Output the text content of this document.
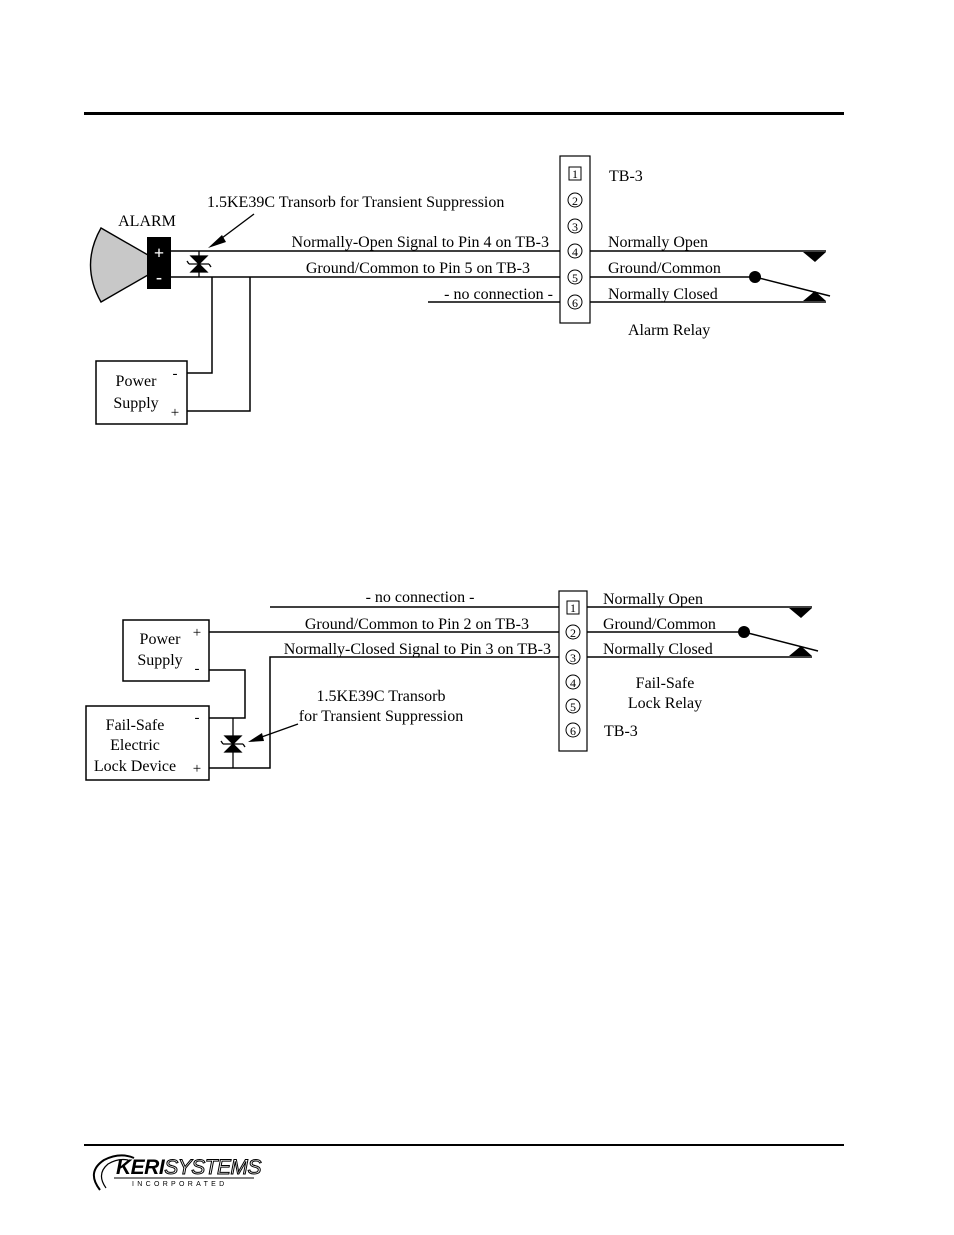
+
-
ALARM
1.5KE39C Transorb for Transient Suppression
Power
Supply
-
+
Normally-Open Signal to Pin 4 on TB-3
Ground/Common to Pin 5 on TB-3
- no connection -
1
2
3
4
5
6
TB-3
Normally Open
Ground/Common
Normally Closed
Alarm Relay
- no connection -
Ground/Common to Pin 2 on TB-3
Normally-Closed Signal to Pin 3 on TB-3
Power
Supply
+
-
Fail-Safe
Electric
Lock Device
-
+
1.5KE39C Transorb
for Transient Suppression
1
2
3
4
5
6 TB-3
Normally Open
Ground/Common
Normally Closed
Fail-Safe
Lock Relay
KERISYSTEMS
INCORPORATED
